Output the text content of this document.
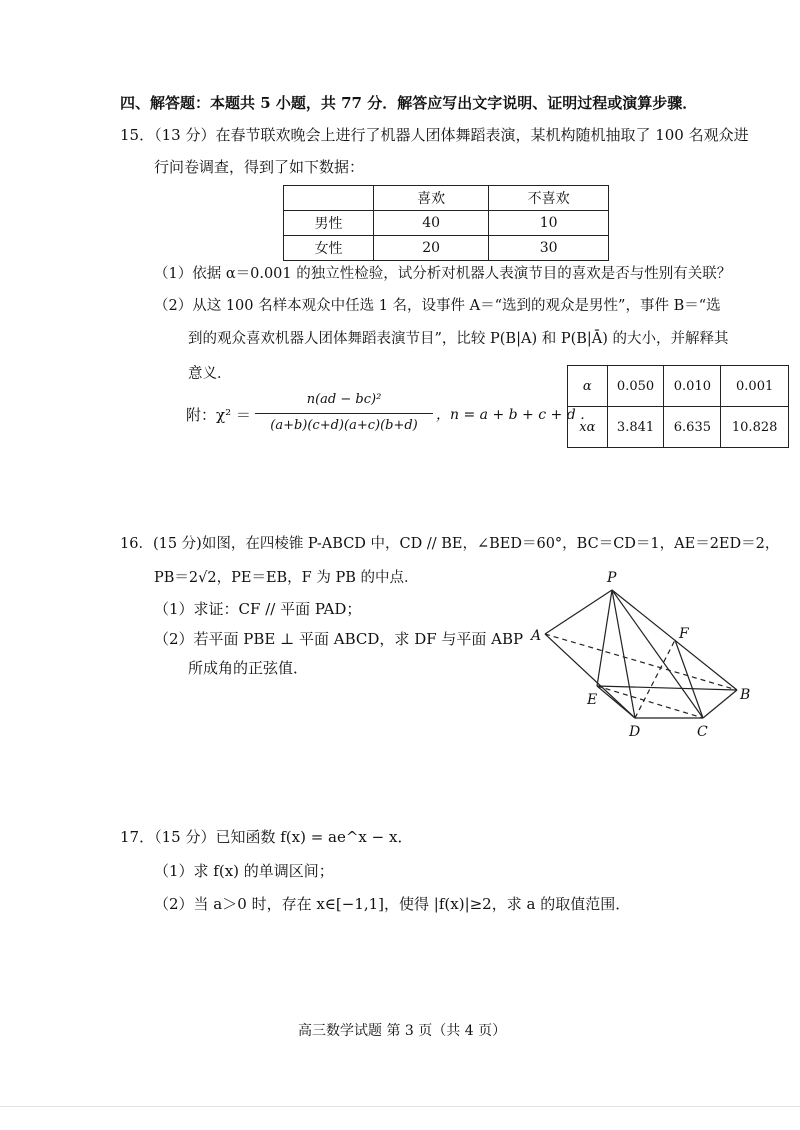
四、解答题：本题共 5 小题，共 77 分．解答应写出文字说明、证明过程或演算步骤．
15．（13 分）在春节联欢晚会上进行了机器人团体舞蹈表演，某机构随机抽取了 100 名观众进
行问卷调查，得到了如下数据：
	喜欢	不喜欢
男性	40	10
女性	20	30
（1）依据 α＝0.001 的独立性检验，试分析对机器人表演节目的喜欢是否与性别有关联？
（2）从这 100 名样本观众中任选 1 名，设事件 A＝“选到的观众是男性”，事件 B＝“选
到的观众喜欢机器人团体舞蹈表演节目”，比较 P(B|A) 和 P(B|Ā) 的大小，并解释其
意义．
附：χ² ＝
n(ad − bc)²
(a+b)(c+d)(a+c)(b+d)
，n = a + b + c + d ．
α	0.050	0.010	0.001
xα	3.841	6.635	10.828
16．(15 分)如图，在四棱锥 P-ABCD 中，CD // BE，∠BED＝60°，BC＝CD＝1，AE＝2ED＝2，
PB＝2√2，PE＝EB，F 为 PB 的中点．
（1）求证：CF // 平面 PAD；
（2）若平面 PBE ⊥ 平面 ABCD，求 DF 与平面 ABP
所成角的正弦值．
P
A	F
E	B
D	C
17．（15 分）已知函数 f(x) = ae^x − x．
（1）求 f(x) 的单调区间；
（2）当 a＞0 时，存在 x∈[−1,1]，使得 |f(x)|≥2，求 a 的取值范围．
高三数学试题 第 3 页（共 4 页）
